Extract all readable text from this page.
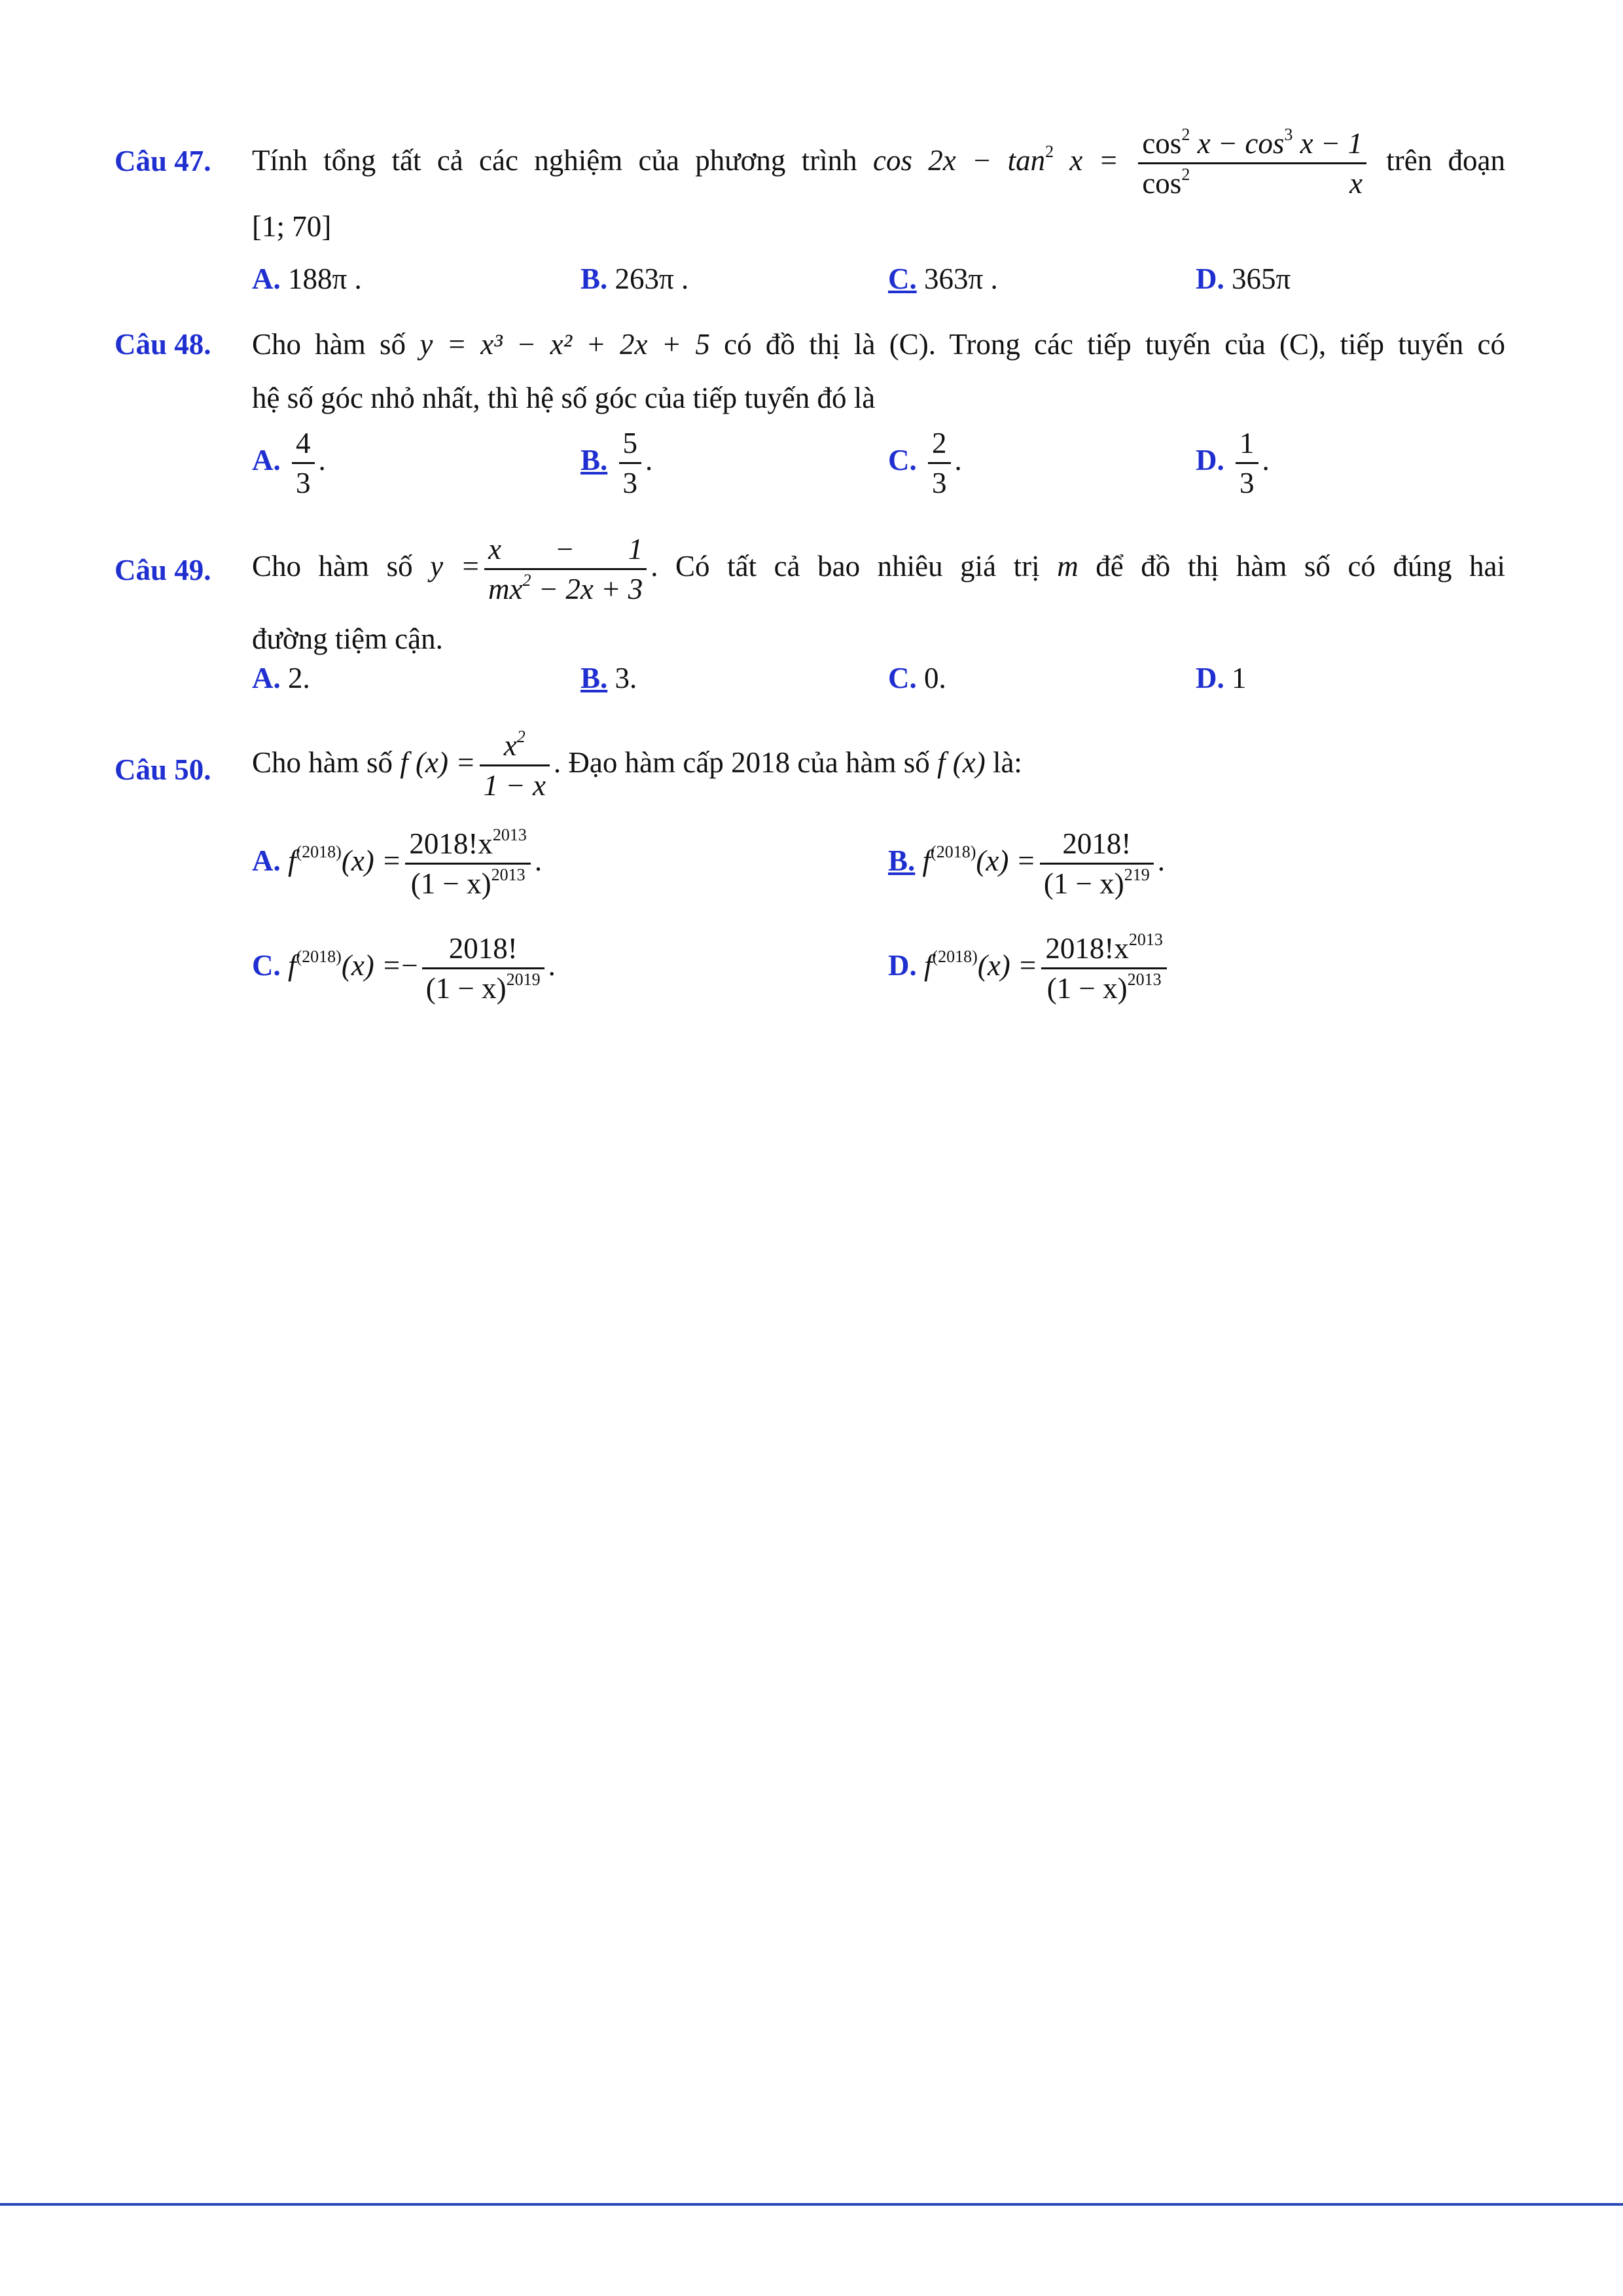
Câu 47. Tính tổng tất cả các nghiệm của phương trình $\cos 2x - \tan^2 x = \cos^2 x - \cos^3 x - 1$
$\cos^2$	x trên đoạn
[1; 70]
A. 188π .	B. 263π .	C. 363π .	D. 365π
Câu 48. Cho hàm số y = x³ − x² + 2x + 5 có đồ thị là (C). Trong các tiếp tuyến của (C), tiếp tuyến có
hệ số góc nhỏ nhất, thì hệ số góc của tiếp tuyến đó là
A. $\frac{4}{3}$ .	B. $\frac{5}{3}$ .	C. $\frac{2}{3}$ .	D. $\frac{1}{3}$ .
Câu 49. Cho hàm số $y = \frac{x - 1}{mx^2 - 2x + 3}$ . Có tất cả bao nhiêu giá trị m để đồ thị hàm số có đúng hai
đường tiệm cận.
A. 2.	B. 3.	C. 0.	D. 1
Câu 50. Cho hàm số f $(x) = \frac{x^2}{1 - x}$ . Đạo hàm cấp 2018 của hàm số f (x) là:
A. $f^{(2018)}(x) = \frac{2018!x^{2013}}{(1 - x)^{2013}}$ .	B. $f^{(2018)}(x) = \frac{2018!}{(1 - x)^{219}}$ .
C. $f^{(2018)}(x) =- \frac{2018!}{(1 - x)^{2019}}$ .	D. $f^{(2018)}(x) = \frac{2018!x^{2013}}{(1 - x)^{2013}}$
